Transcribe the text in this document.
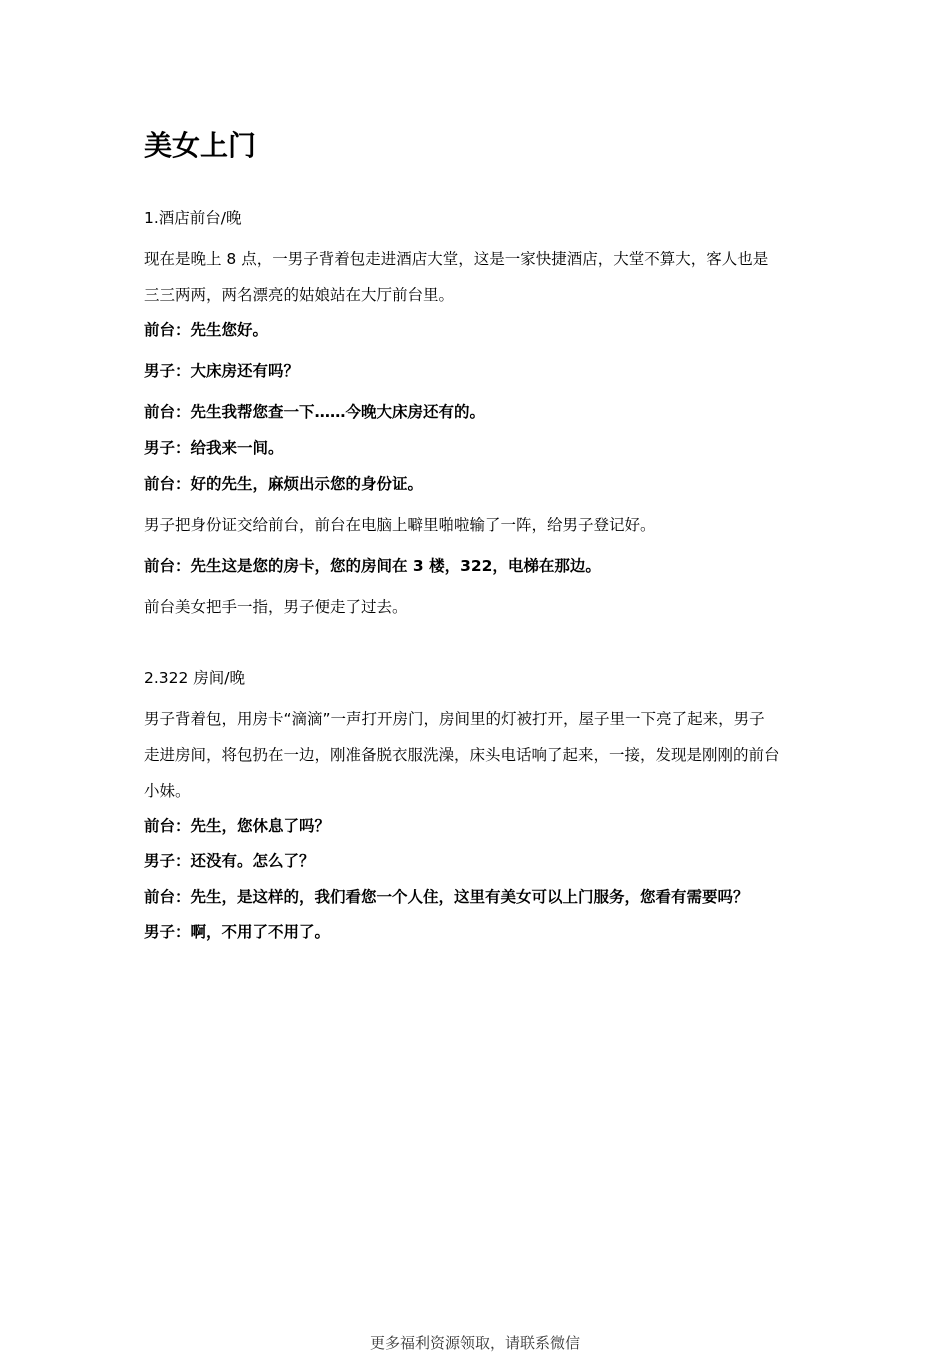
美女上门

1.酒店前台/晚

现在是晚上 8 点，一男子背着包走进酒店大堂，这是一家快捷酒店，大堂不算大，客人也是

三三两两，两名漂亮的姑娘站在大厅前台里。

前台：先生您好。

男子：大床房还有吗？

前台：先生我帮您查一下……今晚大床房还有的。

男子：给我来一间。

前台：好的先生，麻烦出示您的身份证。

男子把身份证交给前台，前台在电脑上噼里啪啦输了一阵，给男子登记好。

前台：先生这是您的房卡，您的房间在 3 楼，322，电梯在那边。

前台美女把手一指，男子便走了过去。

2.322 房间/晚

男子背着包，用房卡“滴滴”一声打开房门，房间里的灯被打开，屋子里一下亮了起来，男子

走进房间，将包扔在一边，刚准备脱衣服洗澡，床头电话响了起来，一接，发现是刚刚的前台

小妹。

前台：先生，您休息了吗？

男子：还没有。怎么了？

前台：先生，是这样的，我们看您一个人住，这里有美女可以上门服务，您看有需要吗？

男子：啊，不用了不用了。

更多福利资源领取，请联系微信
